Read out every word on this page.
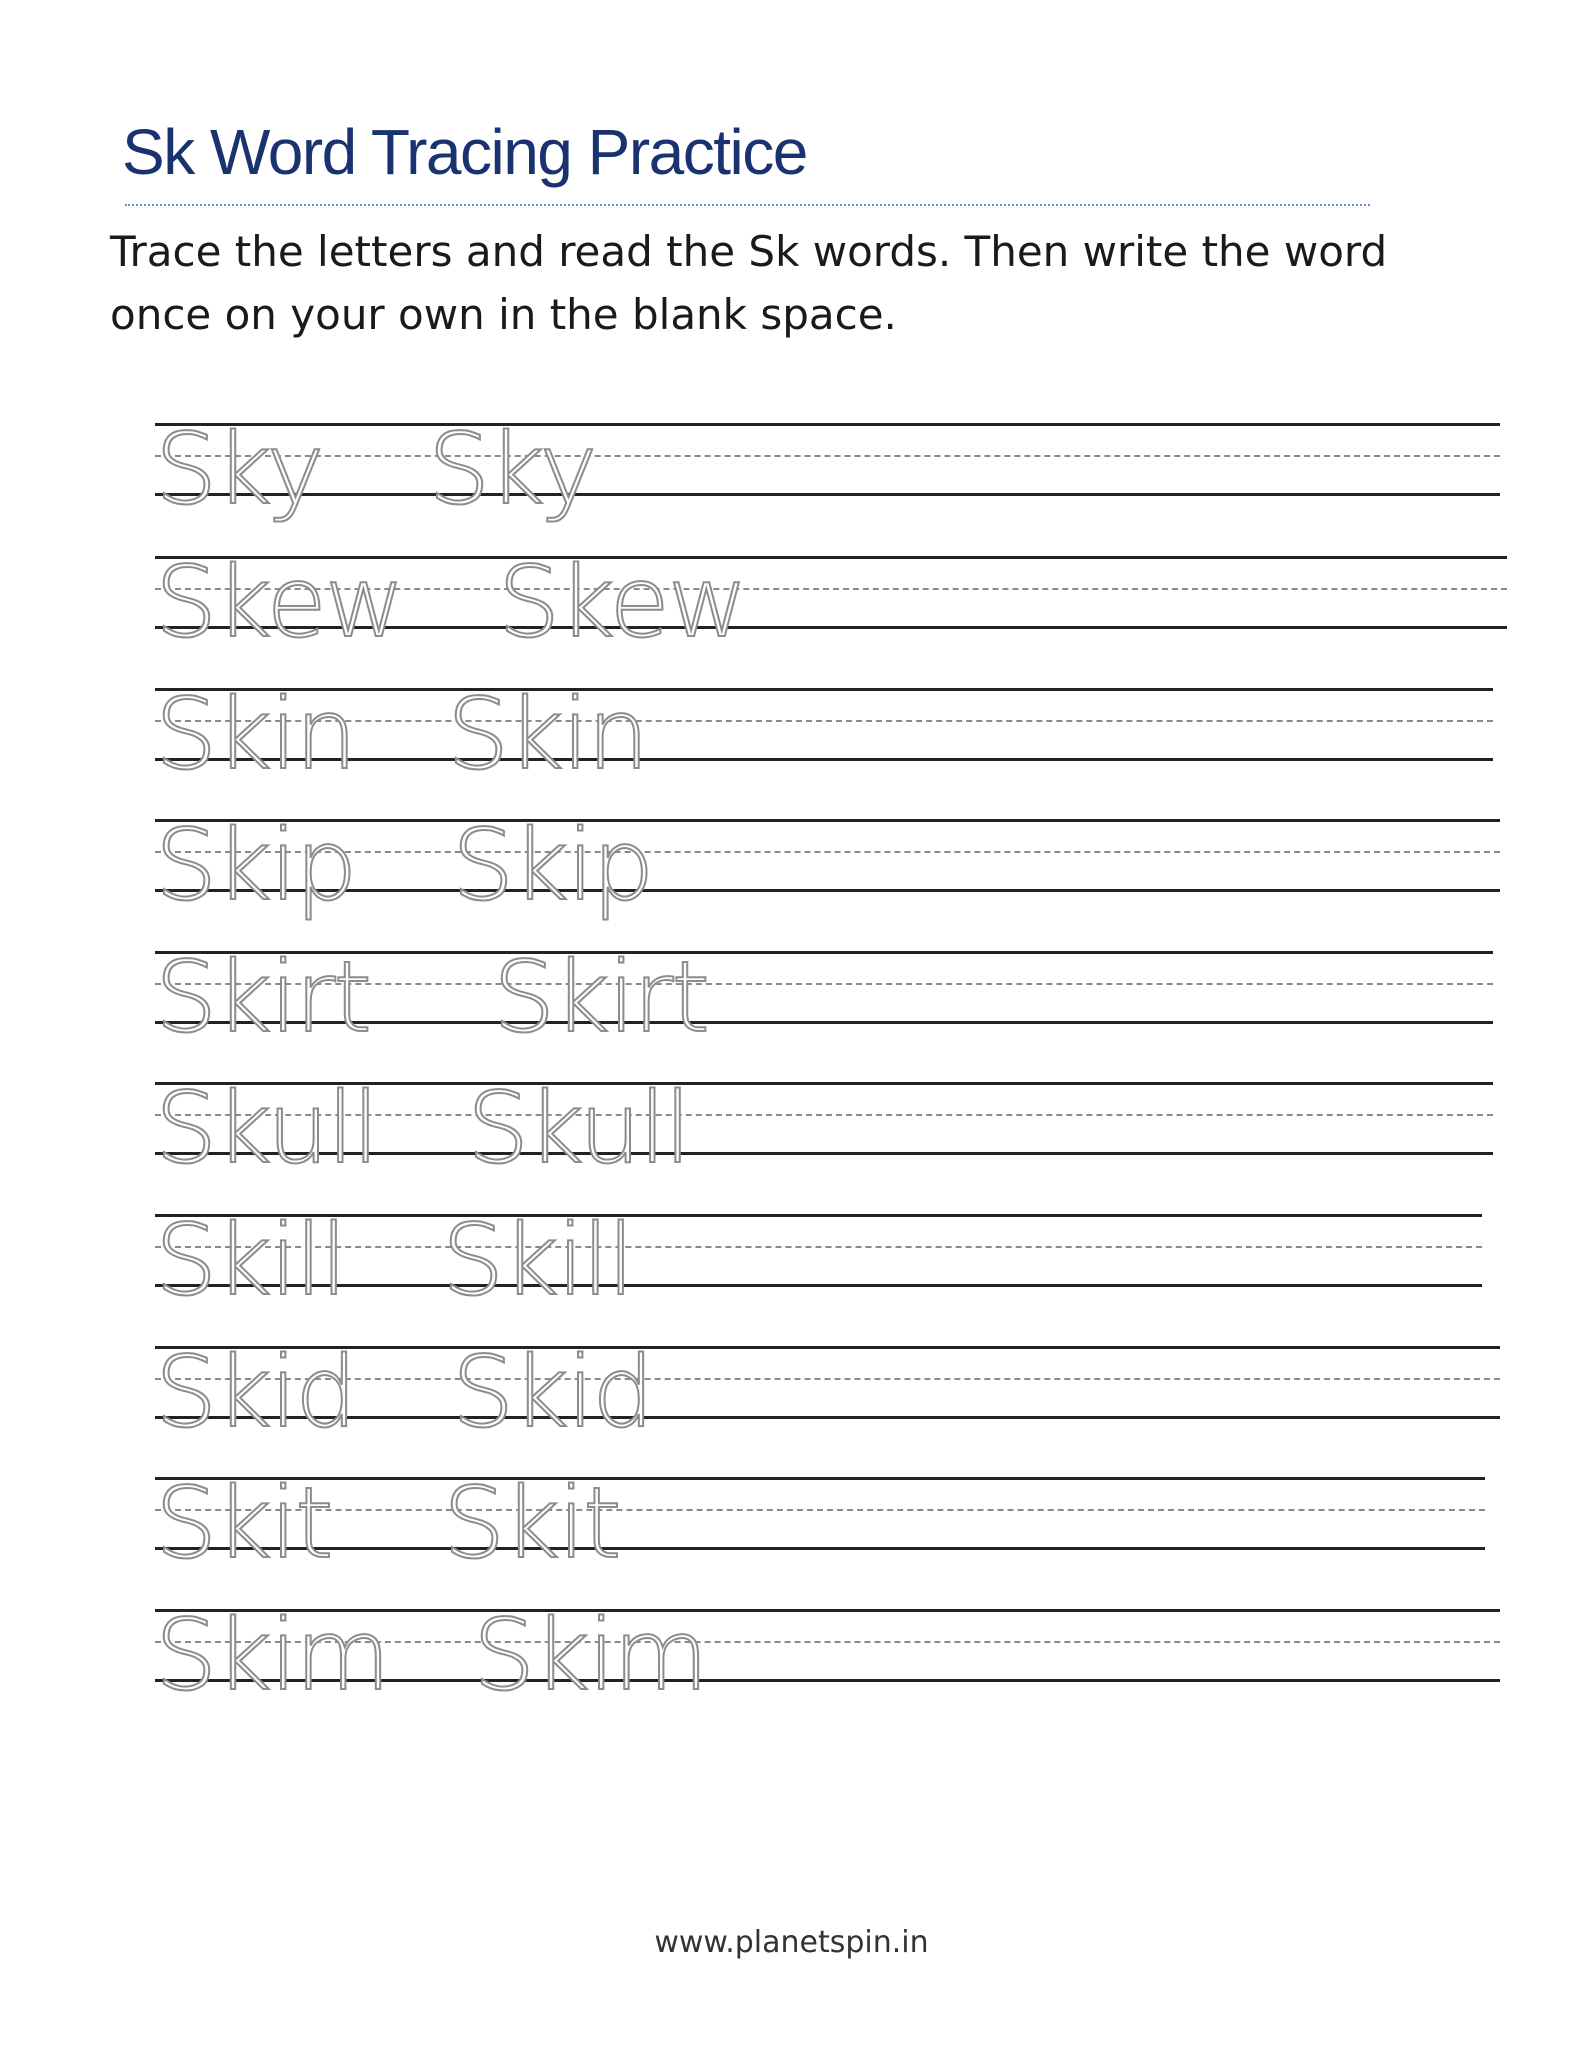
Sk Word Tracing Practice

Trace the letters and read the Sk words. Then write the word once on your own in the blank space.

Sky Sky
Skew Skew
Skin Skin
Skip Skip
Skirt Skirt
Skull Skull
Skill Skill
Skid Skid
Skit Skit
Skim Skim
www.planetspin.in
